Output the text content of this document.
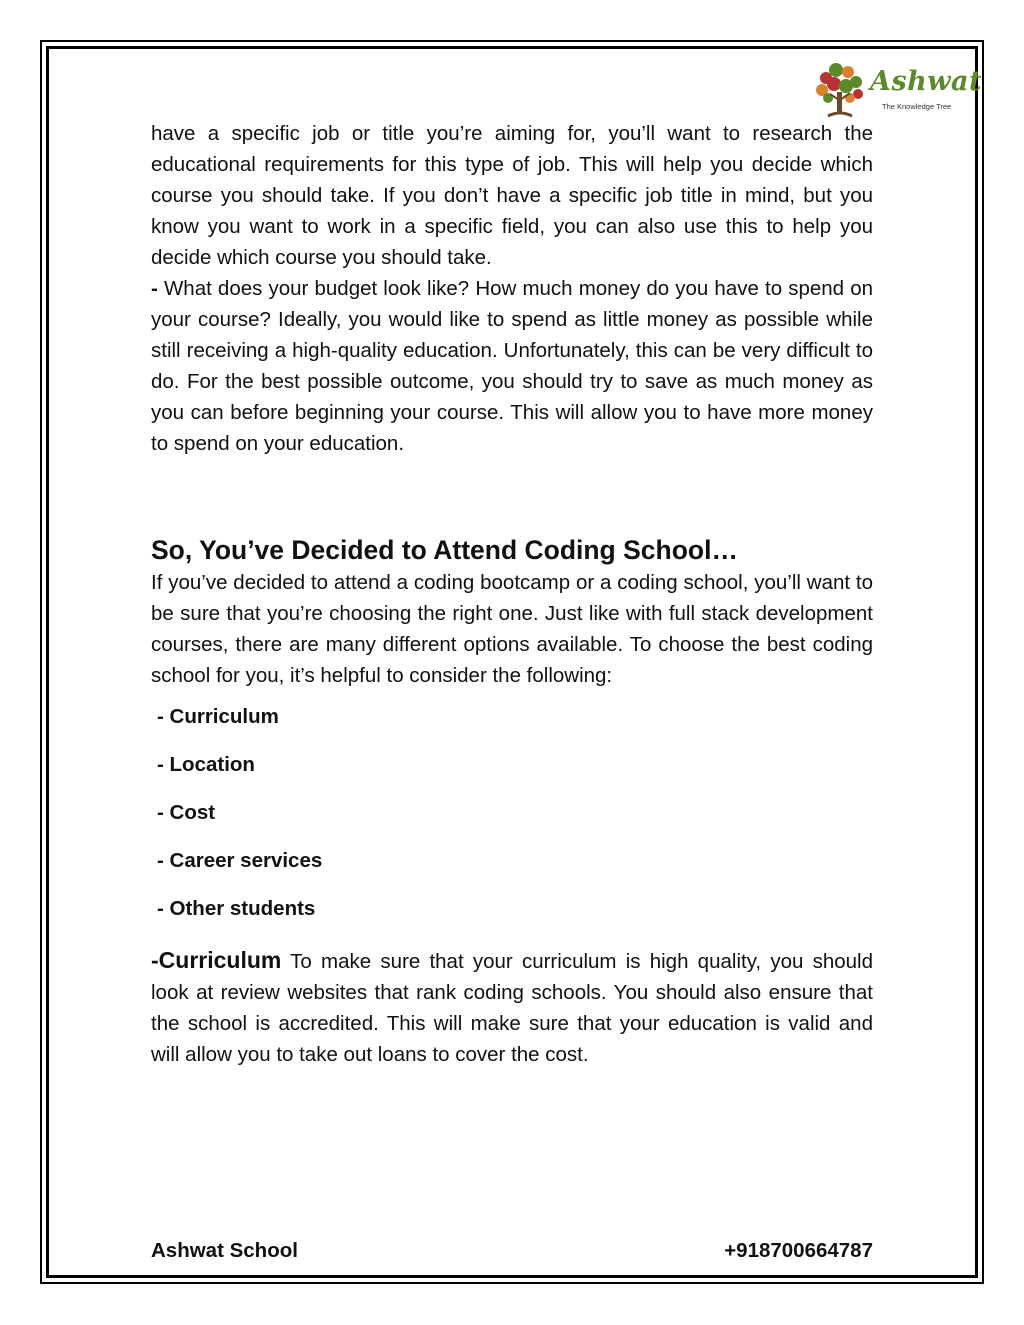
Ashwat
The Knowledge Tree

have a specific job or title you’re aiming for, you’ll want to research the educational requirements for this type of job. This will help you decide which course you should take. If you don’t have a specific job title in mind, but you know you want to work in a specific field, you can also use this to help you decide which course you should take.

- What does your budget look like? How much money do you have to spend on your course? Ideally, you would like to spend as little money as possible while still receiving a high-quality education. Unfortunately, this can be very difficult to do. For the best possible outcome, you should try to save as much money as you can before beginning your course. This will allow you to have more money to spend on your education.

So, You’ve Decided to Attend Coding School…

If you’ve decided to attend a coding bootcamp or a coding school, you’ll want to be sure that you’re choosing the right one. Just like with full stack development courses, there are many different options available. To choose the best coding school for you, it’s helpful to consider the following:

- Curriculum
- Location
- Cost
- Career services
- Other students

-Curriculum To make sure that your curriculum is high quality, you should look at review websites that rank coding schools. You should also ensure that the school is accredited. This will make sure that your education is valid and will allow you to take out loans to cover the cost.

Ashwat School	+918700664787
